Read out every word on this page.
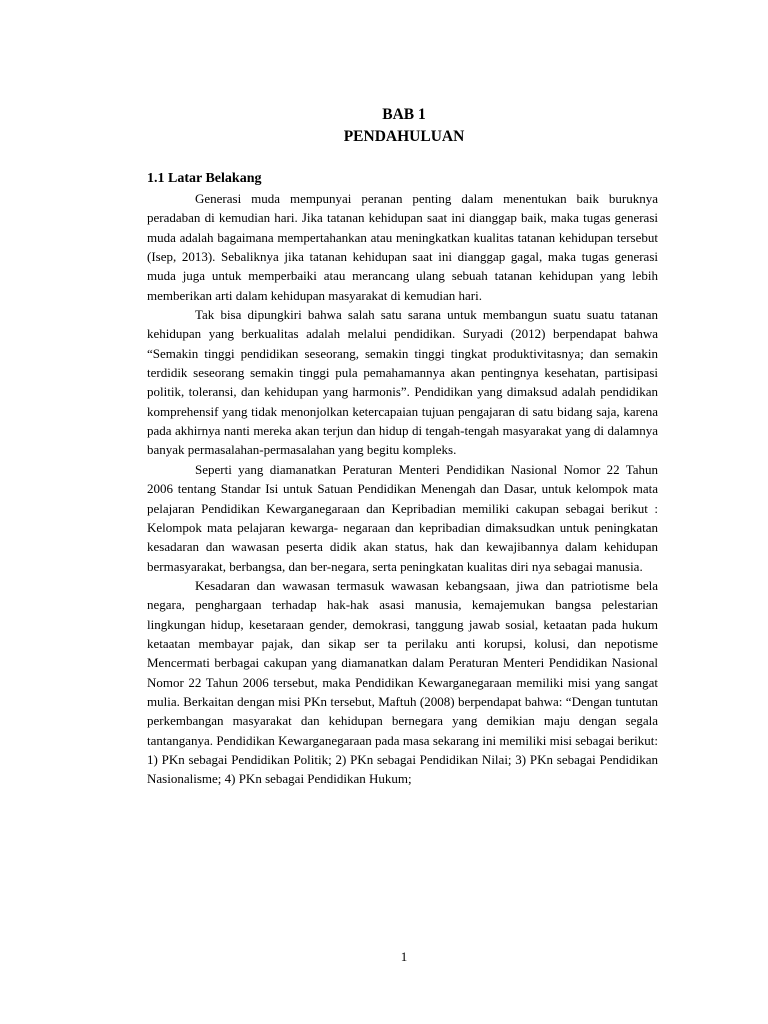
BAB 1
PENDAHULUAN
1.1 Latar Belakang

Generasi muda mempunyai peranan penting dalam menentukan baik buruknya peradaban di kemudian hari. Jika tatanan kehidupan saat ini dianggap baik, maka tugas generasi muda adalah bagaimana mempertahankan atau meningkatkan kualitas tatanan kehidupan tersebut (Isep, 2013). Sebaliknya jika tatanan kehidupan saat ini dianggap gagal, maka tugas generasi muda juga untuk memperbaiki atau merancang ulang sebuah tatanan kehidupan yang lebih memberikan arti dalam kehidupan masyarakat di kemudian hari.

Tak bisa dipungkiri bahwa salah satu sarana untuk membangun suatu suatu tatanan kehidupan yang berkualitas adalah melalui pendidikan. Suryadi (2012) berpendapat bahwa “Semakin tinggi pendidikan seseorang, semakin tinggi tingkat produktivitasnya; dan semakin terdidik seseorang semakin tinggi pula pemahamannya akan pentingnya kesehatan, partisipasi politik, toleransi, dan kehidupan yang harmonis”. Pendidikan yang dimaksud adalah pendidikan komprehensif yang tidak menonjolkan ketercapaian tujuan pengajaran di satu bidang saja, karena pada akhirnya nanti mereka akan terjun dan hidup di tengah-tengah masyarakat yang di dalamnya banyak permasalahan-permasalahan yang begitu kompleks.

Seperti yang diamanatkan Peraturan Menteri Pendidikan Nasional Nomor 22 Tahun 2006 tentang Standar Isi untuk Satuan Pendidikan Menengah dan Dasar, untuk kelompok mata pelajaran Pendidikan Kewarganegaraan dan Kepribadian memiliki cakupan sebagai berikut : Kelompok mata pelajaran kewarga- negaraan dan kepribadian dimaksudkan untuk peningkatan kesadaran dan wawasan peserta didik akan status, hak dan kewajibannya dalam kehidupan bermasyarakat, berbangsa, dan ber-negara, serta peningkatan kualitas diri nya sebagai manusia.

Kesadaran dan wawasan termasuk wawasan kebangsaan, jiwa dan patriotisme bela negara, penghargaan terhadap hak-hak asasi manusia, kemajemukan bangsa pelestarian lingkungan hidup, kesetaraan gender, demokrasi, tanggung jawab sosial, ketaatan pada hukum ketaatan membayar pajak, dan sikap ser ta perilaku anti korupsi, kolusi, dan nepotisme Mencermati berbagai cakupan yang diamanatkan dalam Peraturan Menteri Pendidikan Nasional Nomor 22 Tahun 2006 tersebut, maka Pendidikan Kewarganegaraan memiliki misi yang sangat mulia. Berkaitan dengan misi PKn tersebut, Maftuh (2008) berpendapat bahwa: “Dengan tuntutan perkembangan masyarakat dan kehidupan bernegara yang demikian maju dengan segala tantanganya. Pendidikan Kewarganegaraan pada masa sekarang ini memiliki misi sebagai berikut: 1) PKn sebagai Pendidikan Politik; 2) PKn sebagai Pendidikan Nilai; 3) PKn sebagai Pendidikan Nasionalisme; 4) PKn sebagai Pendidikan Hukum;

1
